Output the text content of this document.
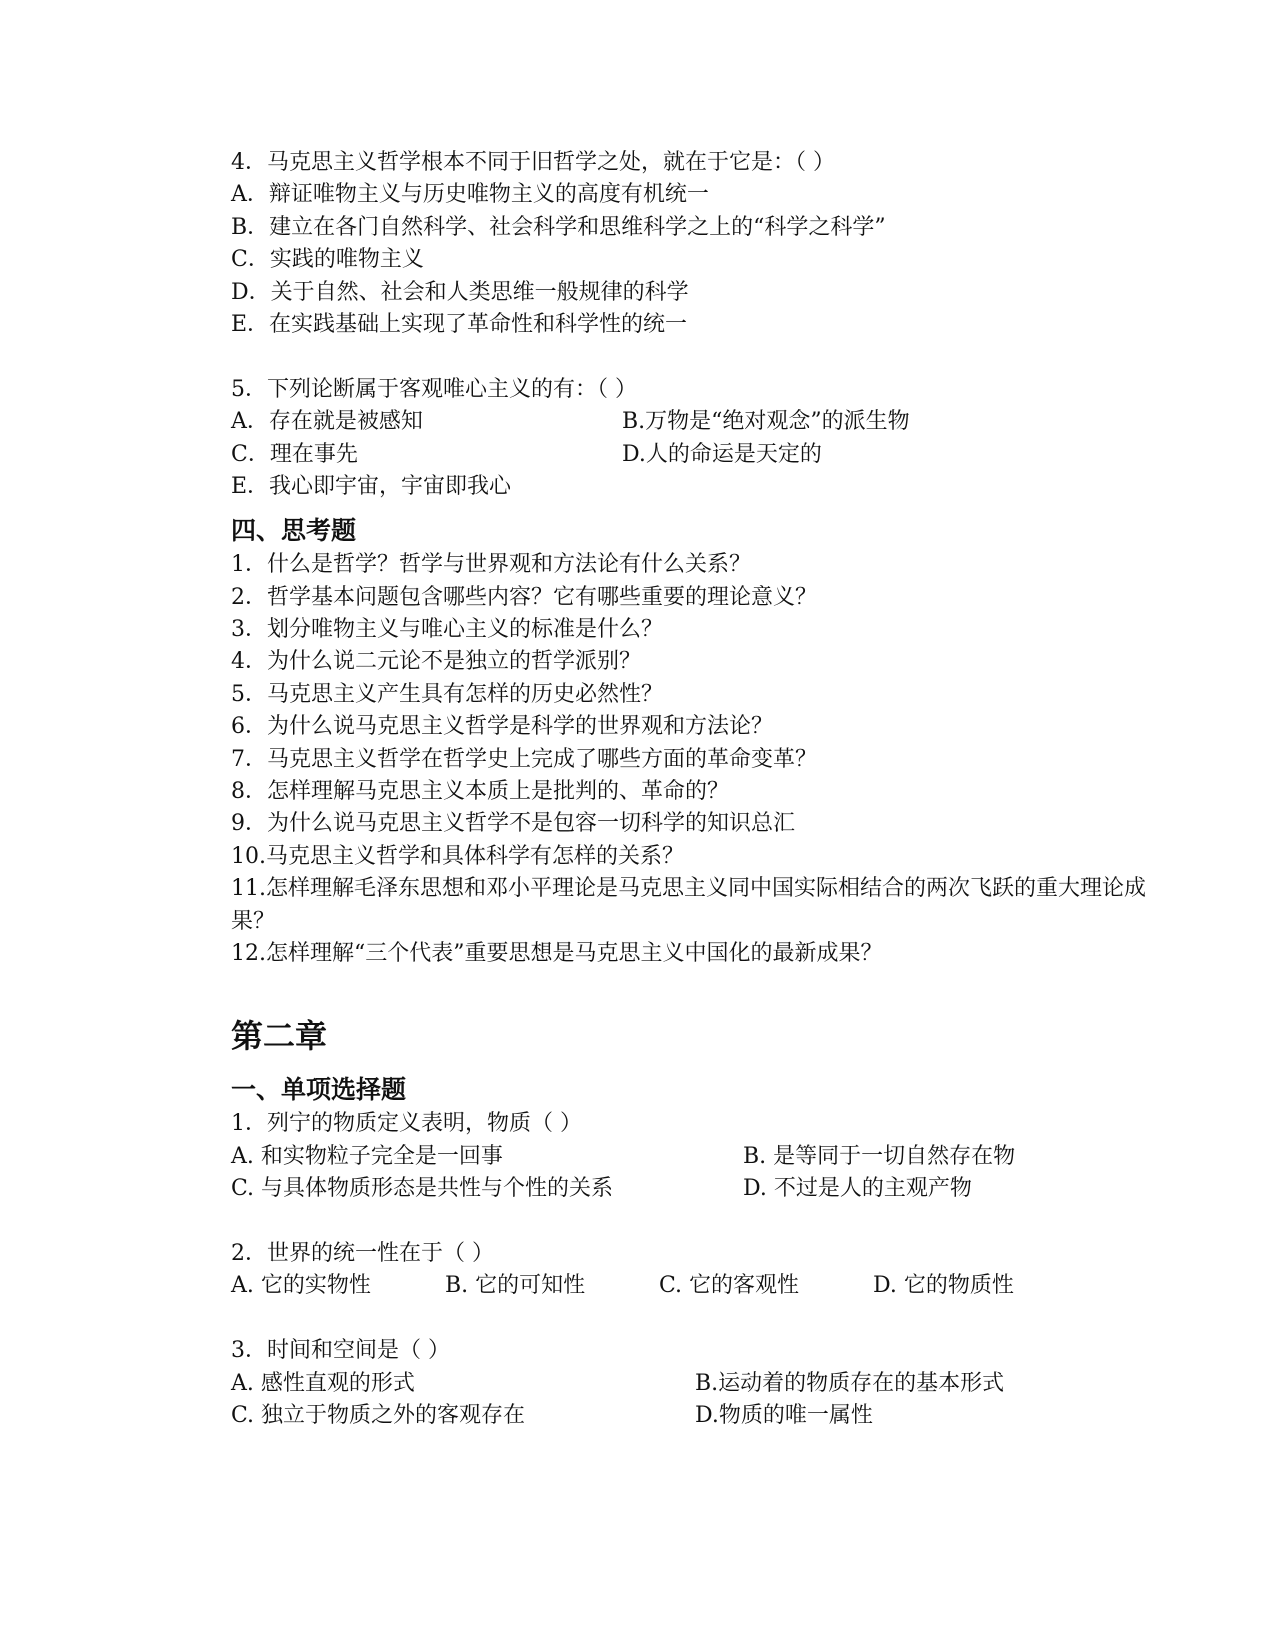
4．马克思主义哲学根本不同于旧哲学之处，就在于它是：（ ）
A．辩证唯物主义与历史唯物主义的高度有机统一
B．建立在各门自然科学、社会科学和思维科学之上的“科学之科学”
C．实践的唯物主义
D．关于自然、社会和人类思维一般规律的科学
E．在实践基础上实现了革命性和科学性的统一
5．下列论断属于客观唯心主义的有：（ ）
A．存在就是被感知	B.万物是“绝对观念”的派生物
C．理在事先	D.人的命运是天定的
E．我心即宇宙，宇宙即我心
四、思考题
1．什么是哲学？哲学与世界观和方法论有什么关系？
2．哲学基本问题包含哪些内容？它有哪些重要的理论意义？
3．划分唯物主义与唯心主义的标准是什么？
4．为什么说二元论不是独立的哲学派别？
5．马克思主义产生具有怎样的历史必然性？
6．为什么说马克思主义哲学是科学的世界观和方法论？
7．马克思主义哲学在哲学史上完成了哪些方面的革命变革？
8．怎样理解马克思主义本质上是批判的、革命的？
9．为什么说马克思主义哲学不是包容一切科学的知识总汇
10.马克思主义哲学和具体科学有怎样的关系？
11.怎样理解毛泽东思想和邓小平理论是马克思主义同中国实际相结合的两次飞跃的重大理论成果？
12.怎样理解“三个代表”重要思想是马克思主义中国化的最新成果？
第二章
一、单项选择题
1．列宁的物质定义表明，物质（ ）
A. 和实物粒子完全是一回事	B. 是等同于一切自然存在物
C. 与具体物质形态是共性与个性的关系	D. 不过是人的主观产物
2．世界的统一性在于（ ）
A. 它的实物性	B. 它的可知性	C. 它的客观性	D. 它的物质性
3．时间和空间是（ ）
A. 感性直观的形式	B.运动着的物质存在的基本形式
C. 独立于物质之外的客观存在	D.物质的唯一属性
